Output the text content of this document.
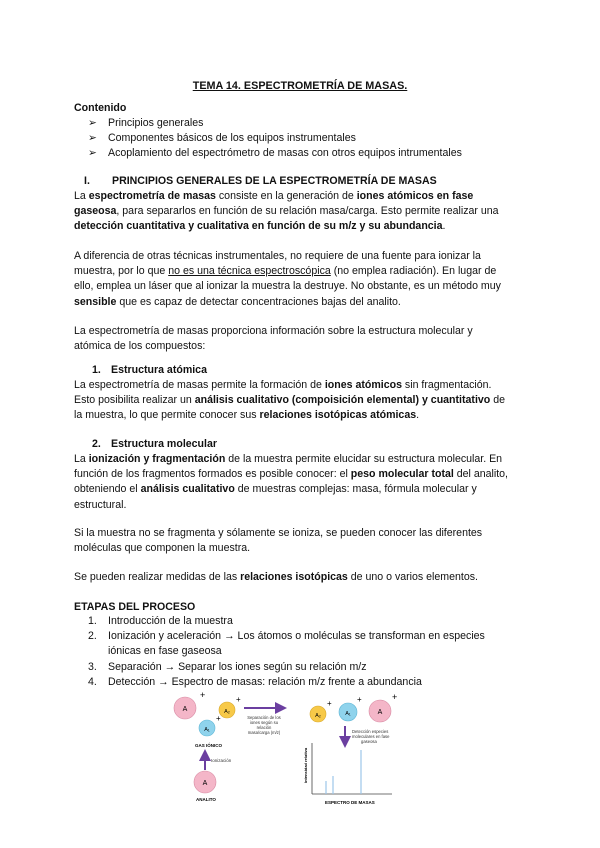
TEMA 14. ESPECTROMETRÍA DE MASAS.
Contenido
➢ Principios generales
➢ Componentes básicos de los equipos instrumentales
➢ Acoplamiento del espectrómetro de masas con otros equipos intrumentales
I. PRINCIPIOS GENERALES DE LA ESPECTROMETRÍA DE MASAS
La espectrometría de masas consiste en la generación de iones atómicos en fase
gaseosa, para separarlos en función de su relación masa/carga. Esto permite realizar una
detección cuantitativa y cualitativa en función de su m/z y su abundancia.
A diferencia de otras técnicas instrumentales, no requiere de una fuente para ionizar la
muestra, por lo que no es una técnica espectroscópica (no emplea radiación). En lugar de
ello, emplea un láser que al ionizar la muestra la destruye. No obstante, es un método muy
sensible que es capaz de detectar concentraciones bajas del analito.
La espectrometría de masas proporciona información sobre la estructura molecular y
atómica de los compuestos:
1. Estructura atómica
La espectrometría de masas permite la formación de iones atómicos sin fragmentación.
Esto posibilita realizar un análisis cualitativo (compoisición elemental) y cuantitativo de
la muestra, lo que permite conocer sus relaciones isotópicas atómicas.
2. Estructura molecular
La ionización y fragmentación de la muestra permite elucidar su estructura molecular. En
función de los fragmentos formados es posible conocer: el peso molecular total del analito,
obteniendo el análisis cualitativo de muestras complejas: masa, fórmula molecular y
estructural.
Si la muestra no se fragmenta y sólamente se ioniza, se pueden conocer las diferentes
moléculas que componen la muestra.
Se pueden realizar medidas de las relaciones isotópicas de uno o varios elementos.
ETAPAS DEL PROCESO
1. Introducción de la muestra
2. Ionización y aceleración → Los átomos o moléculas se transforman en especies
iónicas en fase gaseosa
3. Separación → Separar los iones según su relación m/z
4. Detección → Espectro de masas: relación m/z frente a abundancia
A
+
A₂
+
A₁
+
GAS IÓNICO
Ionización
A
ANALITO
Separación de los
iones según su
relación
masa/carga (m/z)
A₂
+
A₁
+
A
+
Detección especies
moleculares en fase
gaseosa
Intensidad relativa
ESPECTRO DE MASAS
